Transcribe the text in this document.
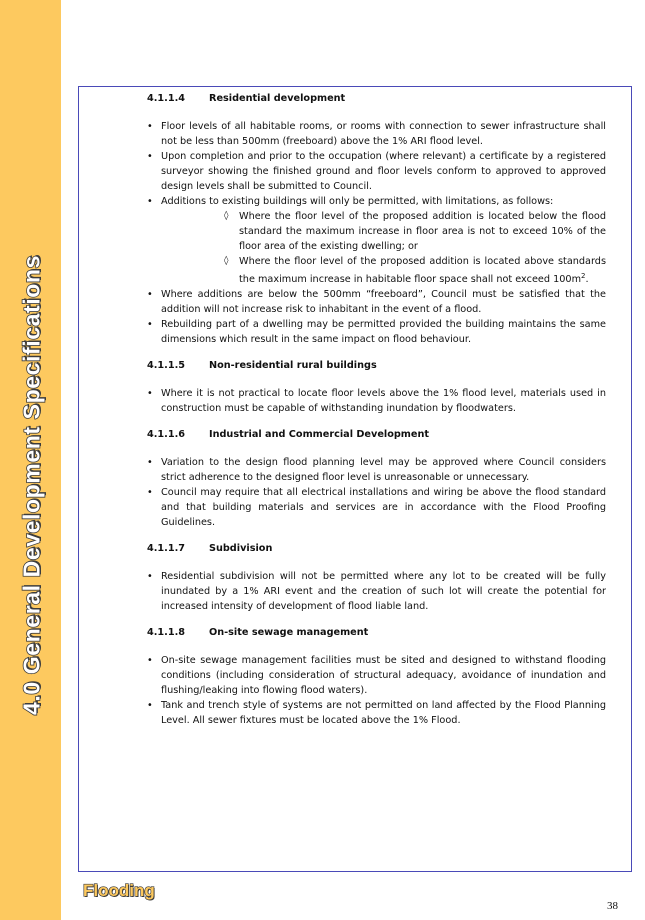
4.0 General Development Specifications
4.1.1.4 Residential development
• Floor levels of all habitable rooms, or rooms with connection to sewer infrastructure shall not be less than 500mm (freeboard) above the 1% ARI flood level.
• Upon completion and prior to the occupation (where relevant) a certificate by a registered surveyor showing the finished ground and floor levels conform to approved to approved design levels shall be submitted to Council.
• Additions to existing buildings will only be permitted, with limitations, as follows:
◊ Where the floor level of the proposed addition is located below the flood standard the maximum increase in floor area is not to exceed 10% of the floor area of the existing dwelling; or
◊ Where the floor level of the proposed addition is located above standards the maximum increase in habitable floor space shall not exceed $100m^2$.
• Where additions are below the 500mm “freeboard”, Council must be satisfied that the addition will not increase risk to inhabitant in the event of a flood.
• Rebuilding part of a dwelling may be permitted provided the building maintains the same dimensions which result in the same impact on flood behaviour.
4.1.1.5 Non-residential rural buildings
• Where it is not practical to locate floor levels above the 1% flood level, materials used in construction must be capable of withstanding inundation by floodwaters.
4.1.1.6 Industrial and Commercial Development
• Variation to the design flood planning level may be approved where Council considers strict adherence to the designed floor level is unreasonable or unnecessary.
• Council may require that all electrical installations and wiring be above the flood standard and that building materials and services are in accordance with the Flood Proofing Guidelines.
4.1.1.7 Subdivision
• Residential subdivision will not be permitted where any lot to be created will be fully inundated by a 1% ARI event and the creation of such lot will create the potential for increased intensity of development of flood liable land.
4.1.1.8 On-site sewage management
• On-site sewage management facilities must be sited and designed to withstand flooding conditions (including consideration of structural adequacy, avoidance of inundation and flushing/leaking into flowing flood waters).
• Tank and trench style of systems are not permitted on land affected by the Flood Planning Level. All sewer fixtures must be located above the 1% Flood.
Flooding
38
